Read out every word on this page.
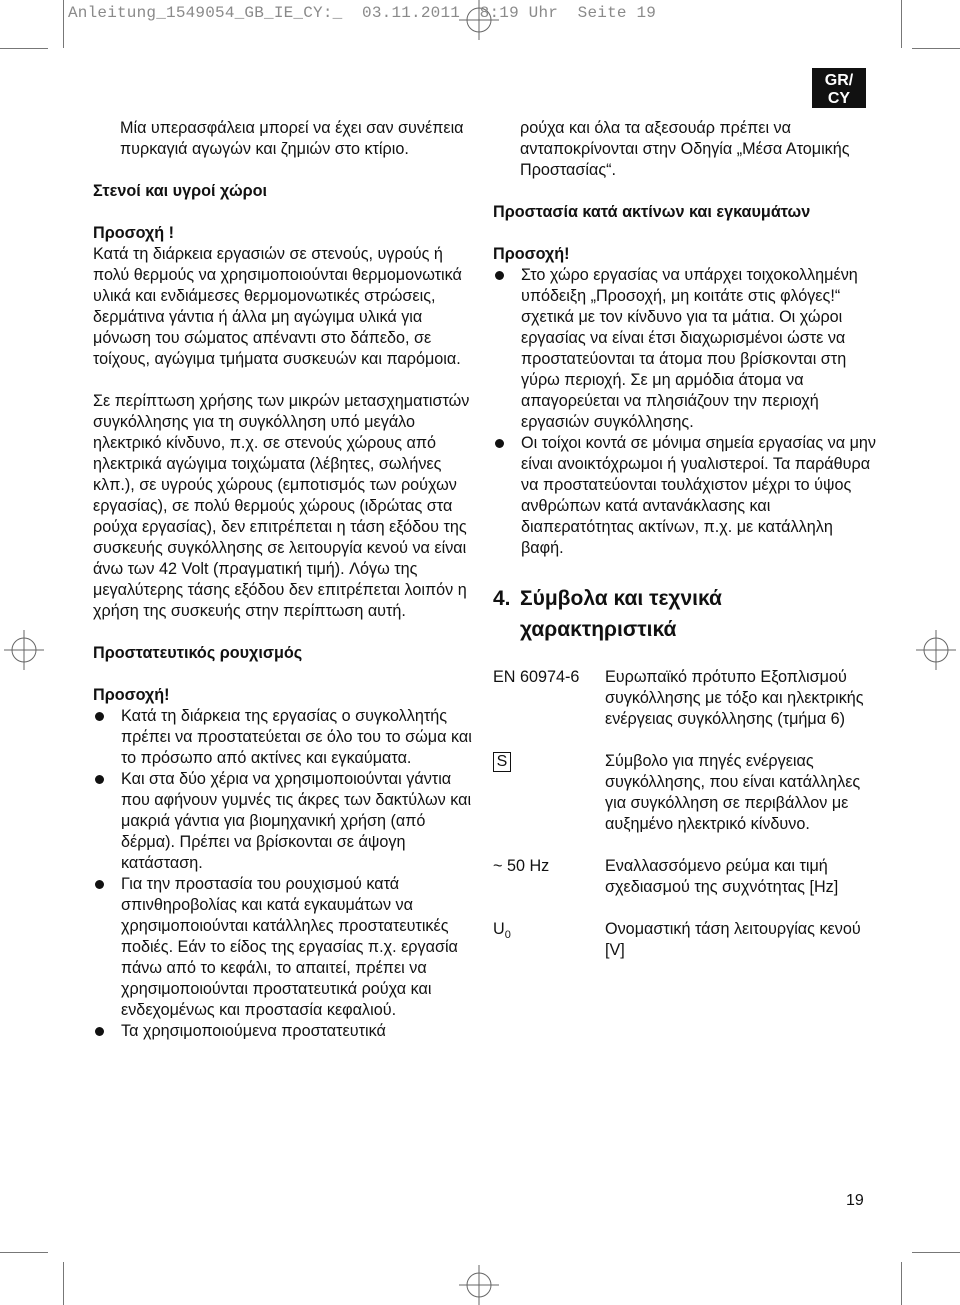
Anleitung_1549054_GB_IE_CY:_  03.11.2011  8:19 Uhr  Seite 19
GR/
CY

Μία υπερασφάλεια μπορεί να έχει σαν συνέπεια πυρκαγιά αγωγών και ζημιών στο κτίριο.

Στενοί και υγροί χώροι

Προσοχή !

Κατά τη διάρκεια εργασιών σε στενούς, υγρούς ή πολύ θερμούς να χρησιμοποιούνται θερμομονωτικά υλικά και ενδιάμεσες θερμομονωτικές στρώσεις, δερμάτινα γάντια ή άλλα μη αγώγιμα υλικά για μόνωση του σώματος απέναντι στο δάπεδο, σε τοίχους, αγώγιμα τμήματα συσκευών και παρόμοια.

Σε περίπτωση χρήσης των μικρών μετασχηματιστών συγκόλλησης για τη συγκόλληση υπό μεγάλο ηλεκτρικό κίνδυνο, π.χ. σε στενούς χώρους από ηλεκτρικά αγώγιμα τοιχώματα (λέβητες, σωλήνες κλπ.), σε υγρούς χώρους (εμποτισμός των ρούχων εργασίας), σε πολύ θερμούς χώρους (ιδρώτας στα ρούχα εργασίας), δεν επιτρέπεται η τάση εξόδου της συσκευής συγκόλλησης σε λειτουργία κενού να είναι άνω των 42 Volt (πραγματική τιμή). Λόγω της μεγαλύτερης τάσης εξόδου δεν επιτρέπεται λοιπόν η χρήση της συσκευής στην περίπτωση αυτή.

Προστατευτικός ρουχισμός

Προσοχή!

Κατά τη διάρκεια της εργασίας ο συγκολλητής πρέπει να προστατεύεται σε όλο του το σώμα και το πρόσωπο από ακτίνες και εγκαύματα.
Και στα δύο χέρια να χρησιμοποιούνται γάντια που αφήνουν γυμνές τις άκρες των δακτύλων και μακριά γάντια για βιομηχανική χρήση (από δέρμα). Πρέπει να βρίσκονται σε άψογη κατάσταση.
Για την προστασία του ρουχισμού κατά σπινθηροβολίας και κατά εγκαυμάτων να χρησιμοποιούνται κατάλληλες προστατευτικές ποδιές. Εάν το είδος της εργασίας π.χ. εργασία πάνω από το κεφάλι, το απαιτεί, πρέπει να χρησιμοποιούνται προστατευτικά ρούχα και ενδεχομένως και προστασία κεφαλιού.
Τα χρησιμοποιούμενα προστατευτικά

ρούχα και όλα τα αξεσουάρ πρέπει να ανταποκρίνονται στην Οδηγία „Μέσα Ατομικής Προστασίας“.

Προστασία κατά ακτίνων και εγκαυμάτων

Προσοχή!

Στο χώρο εργασίας να υπάρχει τοιχοκολλημένη υπόδειξη „Προσοχή, μη κοιτάτε στις φλόγες!“ σχετικά με τον κίνδυνο για τα μάτια. Οι χώροι εργασίας να είναι έτσι διαχωρισμένοι ώστε να προστατεύονται τα άτομα που βρίσκονται στη γύρω περιοχή. Σε μη αρμόδια άτομα να απαγορεύεται να πλησιάζουν την περιοχή εργασιών συγκόλλησης.
Οι τοίχοι κοντά σε μόνιμα σημεία εργασίας να μην είναι ανοικτόχρωμοι ή γυαλιστεροί. Τα παράθυρα να προστατεύονται τουλάχιστον μέχρι το ύψος ανθρώπων κατά αντανάκλασης και διαπερατότητας ακτίνων, π.χ. με κατάλληλη βαφή.
4. Σύμβολα και τεχνικά χαρακτηριστικά
EN 60974-6	Ευρωπαϊκό πρότυπο Εξοπλισμού συγκόλλησης με τόξο και ηλεκτρικής ενέργειας συγκόλλησης (τμήμα 6)
S	Σύμβολο για πηγές ενέργειας συγκόλλησης, που είναι κατάλληλες για συγκόλληση σε περιβάλλον με αυξημένο ηλεκτρικό κίνδυνο.
~ 50 Hz	Εναλλασσόμενο ρεύμα και τιμή σχεδιασμού της συχνότητας [Hz]
$U_0$	Ονομαστική τάση λειτουργίας κενού [V]
19
